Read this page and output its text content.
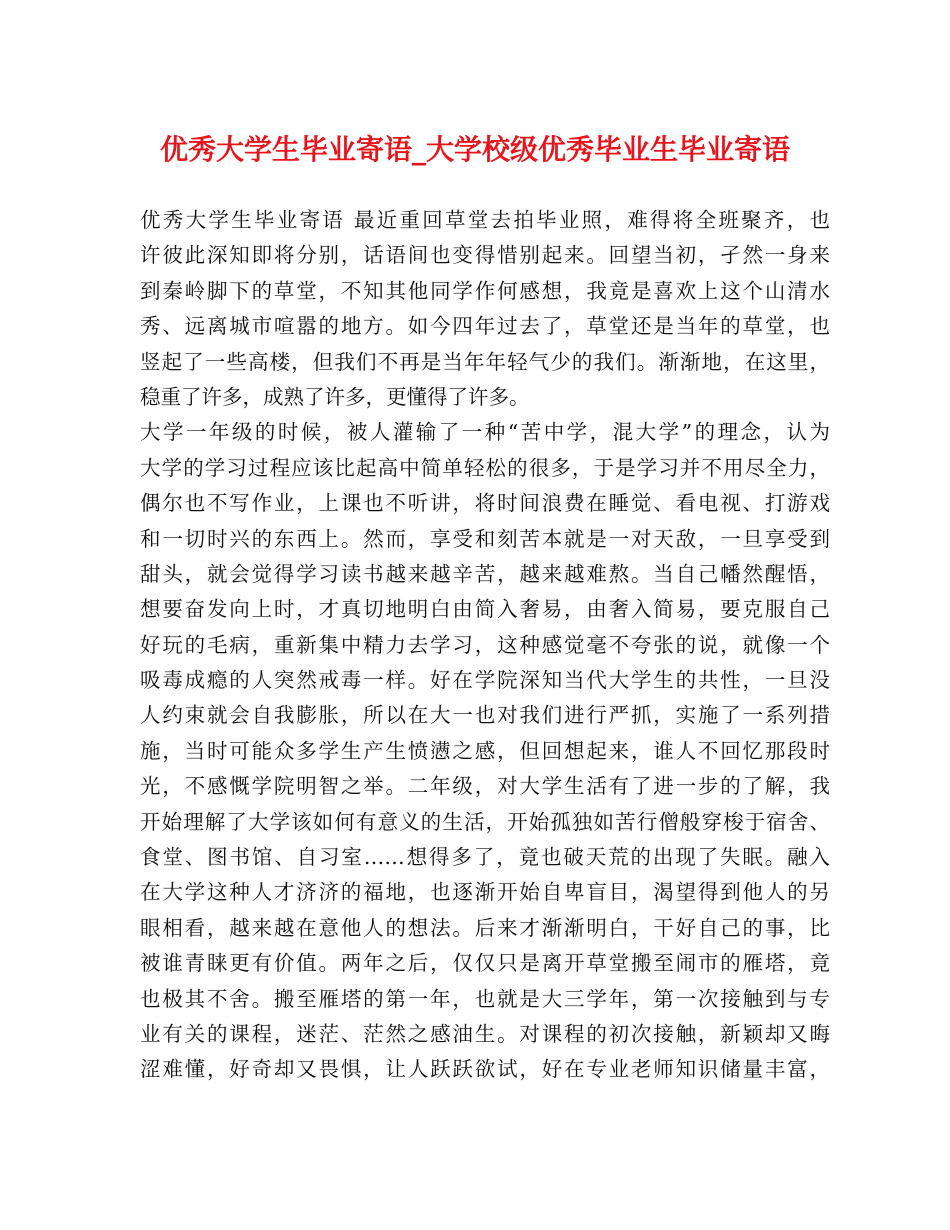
优秀大学生毕业寄语_大学校级优秀毕业生毕业寄语
优秀大学生毕业寄语 最近重回草堂去拍毕业照，难得将全班聚齐，也
许彼此深知即将分别，话语间也变得惜别起来。回望当初，孑然一身来
到秦岭脚下的草堂，不知其他同学作何感想，我竟是喜欢上这个山清水
秀、远离城市喧嚣的地方。如今四年过去了，草堂还是当年的草堂，也
竖起了一些高楼，但我们不再是当年年轻气少的我们。渐渐地，在这里，
稳重了许多，成熟了许多，更懂得了许多。
大学一年级的时候，被人灌输了一种“苦中学，混大学”的理念，认为
大学的学习过程应该比起高中简单轻松的很多，于是学习并不用尽全力，
偶尔也不写作业，上课也不听讲，将时间浪费在睡觉、看电视、打游戏
和一切时兴的东西上。然而，享受和刻苦本就是一对天敌，一旦享受到
甜头，就会觉得学习读书越来越辛苦，越来越难熬。当自己幡然醒悟，
想要奋发向上时，才真切地明白由简入奢易，由奢入简易，要克服自己
好玩的毛病，重新集中精力去学习，这种感觉毫不夸张的说，就像一个
吸毒成瘾的人突然戒毒一样。好在学院深知当代大学生的共性，一旦没
人约束就会自我膨胀，所以在大一也对我们进行严抓，实施了一系列措
施，当时可能众多学生产生愤懑之感，但回想起来，谁人不回忆那段时
光，不感慨学院明智之举。二年级，对大学生活有了进一步的了解，我
开始理解了大学该如何有意义的生活，开始孤独如苦行僧般穿梭于宿舍、
食堂、图书馆、自习室……想得多了，竟也破天荒的出现了失眠。融入
在大学这种人才济济的福地，也逐渐开始自卑盲目，渴望得到他人的另
眼相看，越来越在意他人的想法。后来才渐渐明白，干好自己的事，比
被谁青睐更有价值。两年之后，仅仅只是离开草堂搬至闹市的雁塔，竟
也极其不舍。搬至雁塔的第一年，也就是大三学年，第一次接触到与专
业有关的课程，迷茫、茫然之感油生。对课程的初次接触，新颖却又晦
涩难懂，好奇却又畏惧，让人跃跃欲试，好在专业老师知识储量丰富，
